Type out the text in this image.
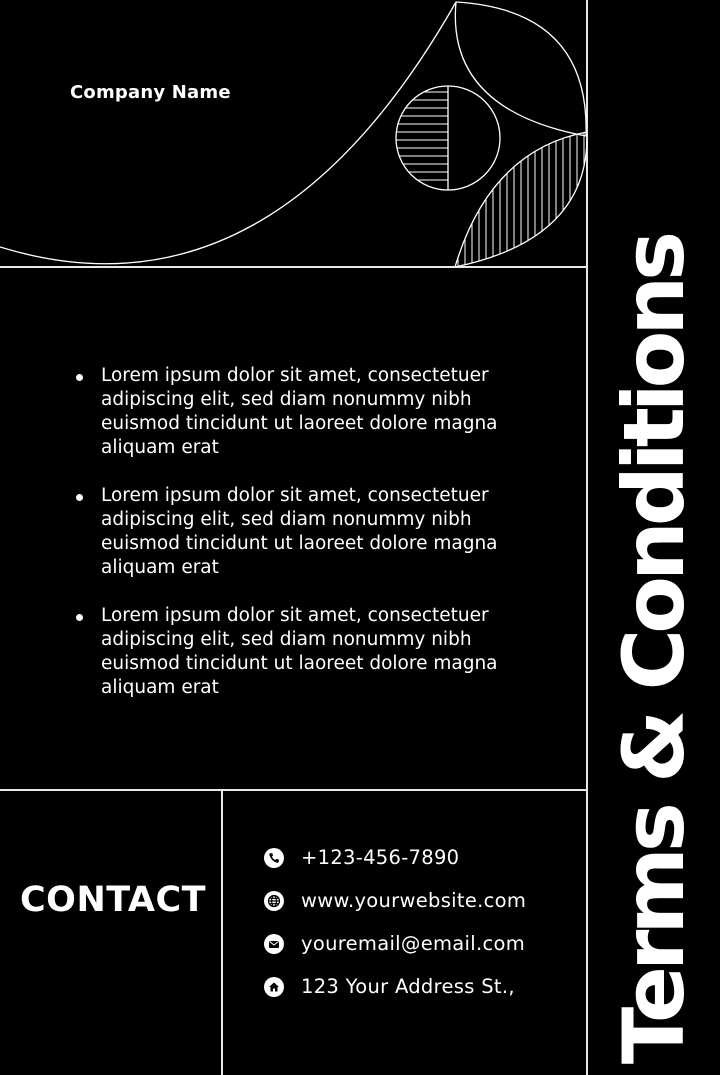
Company Name
Lorem ipsum dolor sit amet, consectetuer adipiscing elit, sed diam nonummy nibh euismod tincidunt ut laoreet dolore magna aliquam erat
Lorem ipsum dolor sit amet, consectetuer adipiscing elit, sed diam nonummy nibh euismod tincidunt ut laoreet dolore magna aliquam erat
Lorem ipsum dolor sit amet, consectetuer adipiscing elit, sed diam nonummy nibh euismod tincidunt ut laoreet dolore magna aliquam erat
CONTACT
+123-456-7890
www.yourwebsite.com
youremail@email.com
123 Your Address St., Terms & Conditions
